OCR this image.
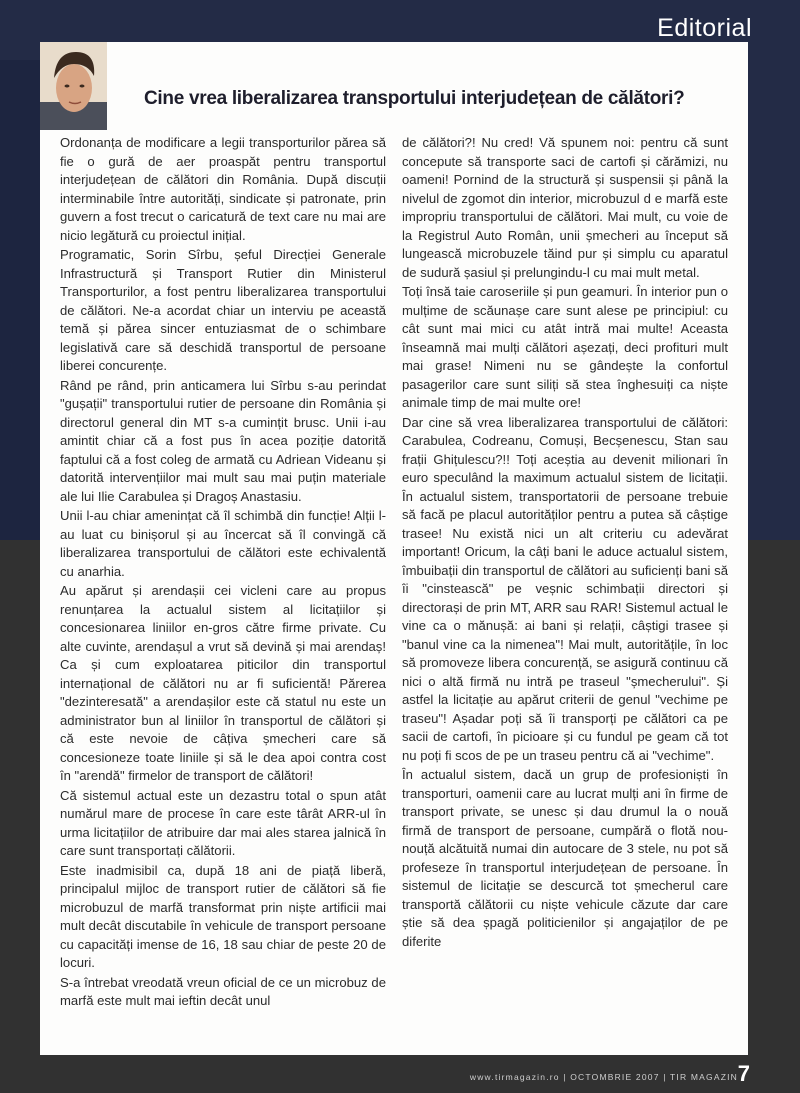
Editorial
Cine vrea liberalizarea transportului interjudețean de călători?

Ordonanța de modificare a legii transporturilor părea să fie o gură de aer proaspăt pentru transportul interjudețean de călători din România. După discuții interminabile între autorități, sindicate și patronate, prin guvern a fost trecut o caricatură de text care nu mai are nicio legătură cu proiectul inițial.

Programatic, Sorin Sîrbu, șeful Direcției Generale Infrastructură și Transport Rutier din Ministerul Transporturilor, a fost pentru liberalizarea transportului de călători. Ne-a acordat chiar un interviu pe această temă și părea sincer entuziasmat de o schimbare legislativă care să deschidă transportul de persoane liberei concurențe.

Rând pe rând, prin anticamera lui Sîrbu s-au perindat "gușații" transportului rutier de persoane din România și directorul general din MT s-a cumințit brusc. Unii i-au amintit chiar că a fost pus în acea poziție datorită faptului că a fost coleg de armată cu Adriean Videanu și datorită intervențiilor mai mult sau mai puțin materiale ale lui Ilie Carabulea și Dragoș Anastasiu.

Unii l-au chiar amenințat că îl schimbă din funcție! Alții l-au luat cu binișorul și au încercat să îl convingă că liberalizarea transportului de călători este echivalentă cu anarhia.

Au apărut și arendașii cei vicleni care au propus renunțarea la actualul sistem al licitațiilor și concesionarea liniilor en-gros către firme private. Cu alte cuvinte, arendașul a vrut să devină și mai arendaș! Ca și cum exploatarea piticilor din transportul internațional de călători nu ar fi suficientă! Părerea "dezinteresată" a arendașilor este că statul nu este un administrator bun al liniilor în transportul de călători și că este nevoie de câțiva șmecheri care să concesioneze toate liniile și să le dea apoi contra cost în "arendă" firmelor de transport de călători!

Că sistemul actual este un dezastru total o spun atât numărul mare de procese în care este târât ARR-ul în urma licitațiilor de atribuire dar mai ales starea jalnică în care sunt transportați călătorii.

Este inadmisibil ca, după 18 ani de piață liberă, principalul mijloc de transport rutier de călători să fie microbuzul de marfă transformat prin niște artificii mai mult decât discutabile în vehicule de transport persoane cu capacități imense de 16, 18 sau chiar de peste 20 de locuri.

S-a întrebat vreodată vreun oficial de ce un microbuz de marfă este mult mai ieftin decât unul

de călători?! Nu cred! Vă spunem noi: pentru că sunt concepute să transporte saci de cartofi și cărămizi, nu oameni! Pornind de la structură și suspensii și până la nivelul de zgomot din interior, microbuzul d e marfă este impropriu transportului de călători. Mai mult, cu voie de la Registrul Auto Român, unii șmecheri au început să lungească microbuzele tăind pur și simplu cu aparatul de sudură șasiul și prelungindu-l cu mai mult metal.

Toți însă taie caroseriile și pun geamuri. În interior pun o mulțime de scăunașe care sunt alese pe principiul: cu cât sunt mai mici cu atât intră mai multe! Aceasta înseamnă mai mulți călători așezați, deci profituri mult mai grase! Nimeni nu se gândește la confortul pasagerilor care sunt siliți să stea înghesuiți ca niște animale timp de mai multe ore!

Dar cine să vrea liberalizarea transportului de călători: Carabulea, Codreanu, Comuși, Becșenescu, Stan sau frații Ghițulescu?!! Toți aceștia au devenit milionari în euro speculând la maximum actualul sistem de licitații. În actualul sistem, transportatorii de persoane trebuie să facă pe placul autorităților pentru a putea să câștige trasee! Nu există nici un alt criteriu cu adevărat important! Oricum, la câți bani le aduce actualul sistem, îmbuibații din transportul de călători au suficienți bani să îi "cinstească" pe veșnic schimbații directori și directorași de prin MT, ARR sau RAR! Sistemul actual le vine ca o mănușă: ai bani și relații, câștigi trasee și "banul vine ca la nimenea"! Mai mult, autoritățile, în loc să promoveze libera concurență, se asigură continuu că nici o altă firmă nu intră pe traseul "șmecherului". Și astfel la licitație au apărut criterii de genul "vechime pe traseu"! Așadar poți să îi transporți pe călători ca pe sacii de cartofi, în picioare și cu fundul pe geam că tot nu poți fi scos de pe un traseu pentru că ai "vechime".

În actualul sistem, dacă un grup de profesioniști în transporturi, oamenii care au lucrat mulți ani în firme de transport private, se unesc și dau drumul la o nouă firmă de transport de persoane, cumpără o flotă nou-nouță alcătuită numai din autocare de 3 stele, nu pot să profeseze în transportul interjudețean de persoane. În sistemul de licitație se descurcă tot șmecherul care transportă călătorii cu niște vehicule căzute dar care știe să dea șpagă politicienilor și angajaților de pe diferite

www.tirmagazin.ro | OCTOMBRIE 2007 | TIR MAGAZIN 7
